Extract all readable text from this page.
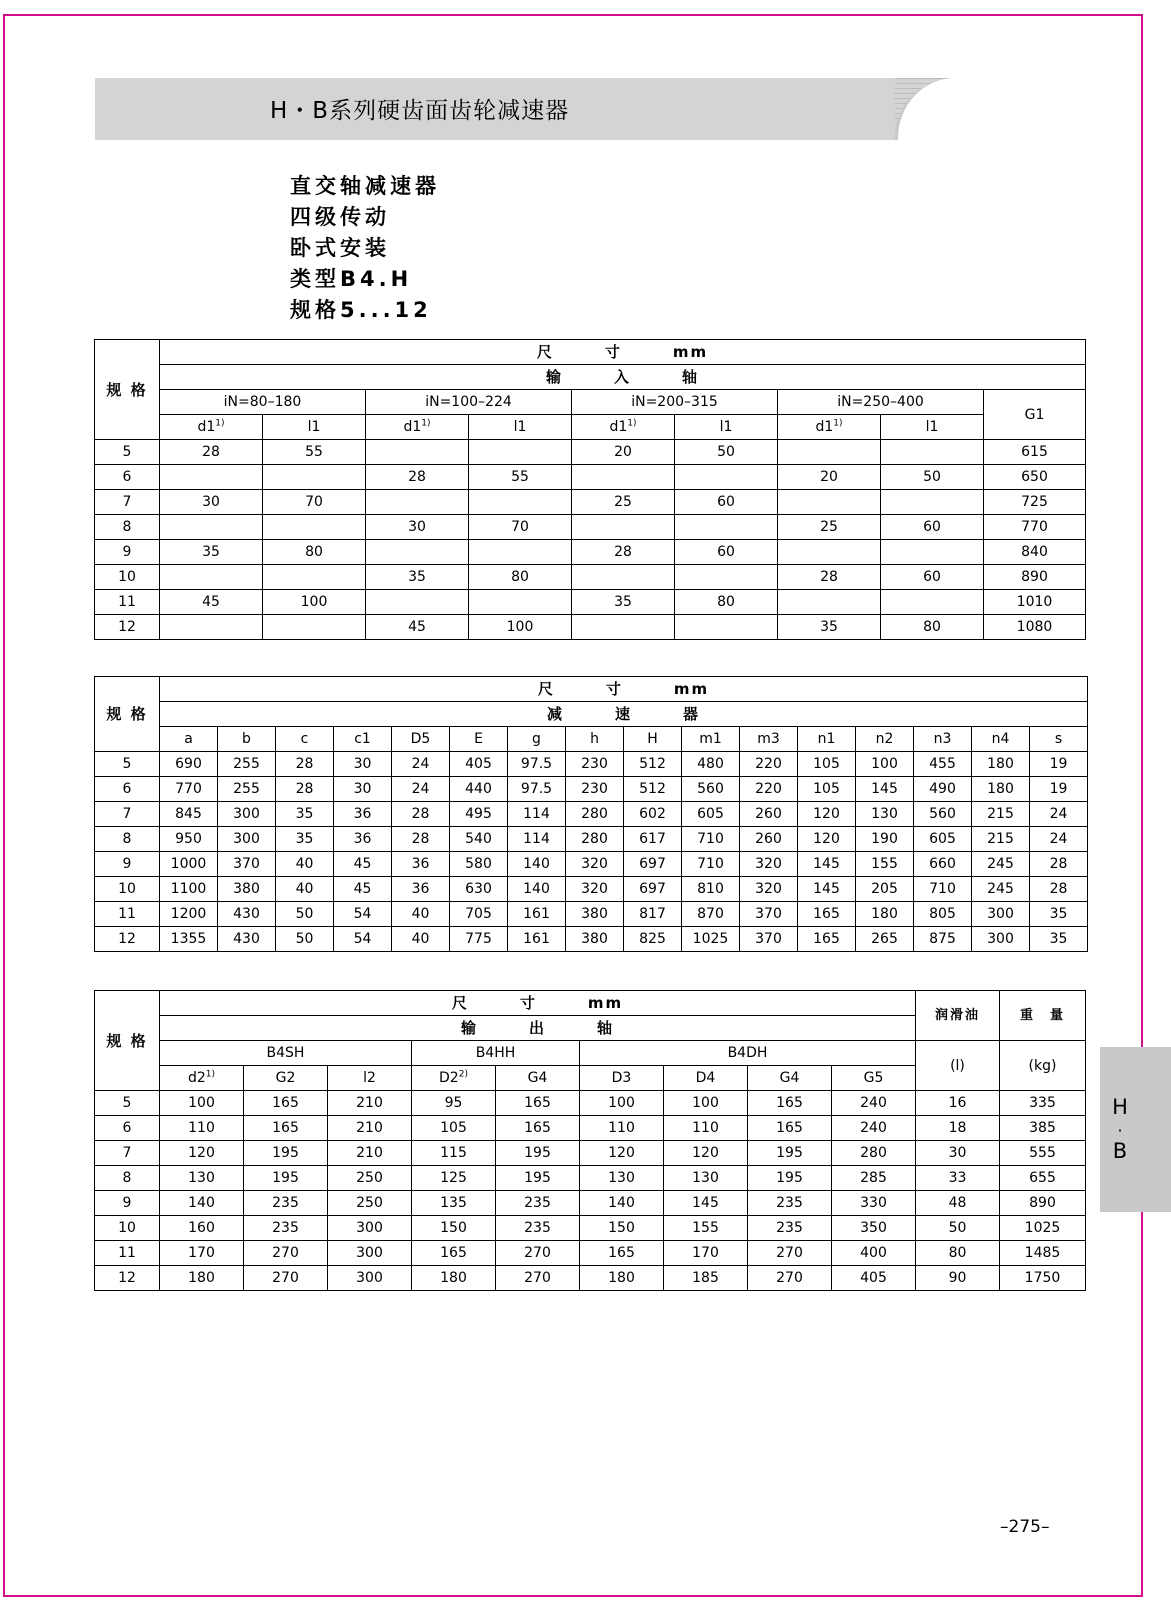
H・B系列硬齿面齿轮减速器
直交轴减速器
四级传动
卧式安装
类型B4.H
规格5...12
规 格	尺　　　寸　　　mm								
	输　　　入　　　轴								
	iN=80–180		iN=100–224		iN=200–315		iN=250–400		G1
	d1$^{1)}$	l1	d1$^{1)}$	l1	d1$^{1)}$	l1	d1$^{1)}$	l1	
5	28	55			20	50			615
6			28	55			20	50	650
7	30	70			25	60			725
8			30	70			25	60	770
9	35	80			28	60			840
10			35	80			28	60	890
11	45	100			35	80			1010
12			45	100			35	80	1080
规 格	尺　　　寸　　　mm															
	减　　　速　　　器															
	a	b	c	c1	D5	E	g	h	H	m1	m3	n1	n2	n3	n4	s
5	690	255	28	30	24	405	97.5	230	512	480	220	105	100	455	180	19
6	770	255	28	30	24	440	97.5	230	512	560	220	105	145	490	180	19
7	845	300	35	36	28	495	114	280	602	605	260	120	130	560	215	24
8	950	300	35	36	28	540	114	280	617	710	260	120	190	605	215	24
9	1000	370	40	45	36	580	140	320	697	710	320	145	155	660	245	28
10	1100	380	40	45	36	630	140	320	697	810	320	145	205	710	245	28
11	1200	430	50	54	40	705	161	380	817	870	370	165	180	805	300	35
12	1355	430	50	54	40	775	161	380	825	1025	370	165	265	875	300	35
规 格	尺　　　寸　　　mm									润滑油	重　量
	输　　　出　　　轴										
	B4SH			B4HH		B4DH				(l)	(kg)
	d2$^{1)}$	G2	l2	D2$^{2)}$	G4	D3	D4	G4	G5		
5	100	165	210	95	165	100	100	165	240	16	335
6	110	165	210	105	165	110	110	165	240	18	385
7	120	195	210	115	195	120	120	195	280	30	555
8	130	195	250	125	195	130	130	195	285	33	655
9	140	235	250	135	235	140	145	235	330	48	890
10	160	235	300	150	235	150	155	235	350	50	1025
11	170	270	300	165	270	165	170	270	400	80	1485
12	180	270	300	180	270	180	185	270	405	90	1750
H
·
B
–275–
